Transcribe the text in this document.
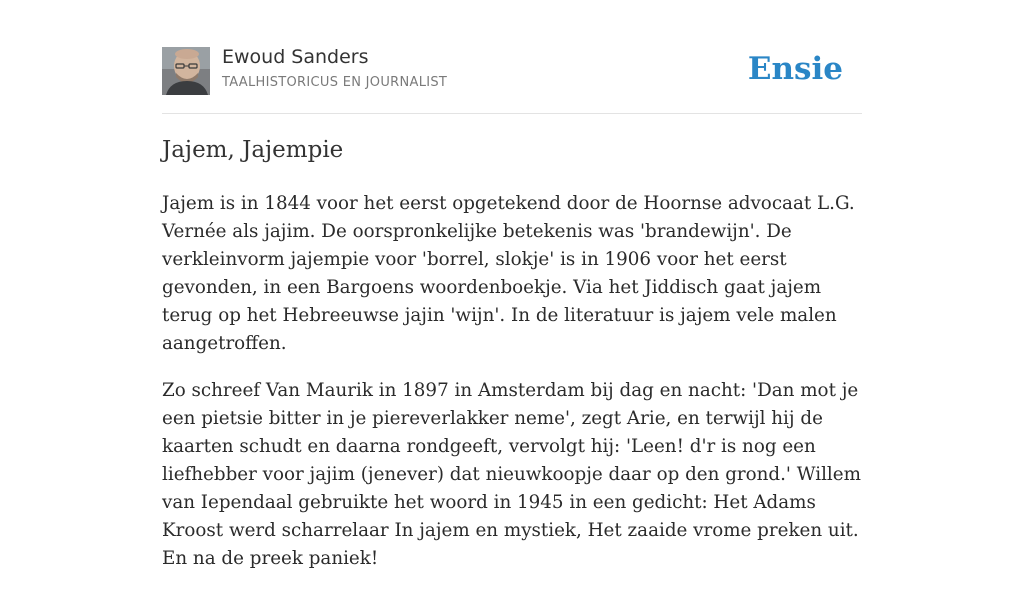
Ewoud Sanders
TAALHISTORICUS EN JOURNALIST	Ensie
Jajem, Jajempie

Jajem is in 1844 voor het eerst opgetekend door de Hoornse advocaat L.G. Vernée als jajim. De oorspronkelijke betekenis was 'brandewijn'. De verkleinvorm jajempie voor 'borrel, slokje' is in 1906 voor het eerst gevonden, in een Bargoens woordenboekje. Via het Jiddisch gaat jajem terug op het Hebreeuwse jajin 'wijn'. In de literatuur is jajem vele malen aangetroffen.

Zo schreef Van Maurik in 1897 in Amsterdam bij dag en nacht: 'Dan mot je een pietsie bitter in je piereverlakker neme', zegt Arie, en terwijl hij de kaarten schudt en daarna rondgeeft, vervolgt hij: 'Leen! d'r is nog een liefhebber voor jajim (jenever) dat nieuwkoopje daar op den grond.' Willem van Iependaal gebruikte het woord in 1945 in een gedicht: Het Adams Kroost werd scharrelaar In jajem en mystiek, Het zaaide vrome preken uit. En na de preek paniek!
